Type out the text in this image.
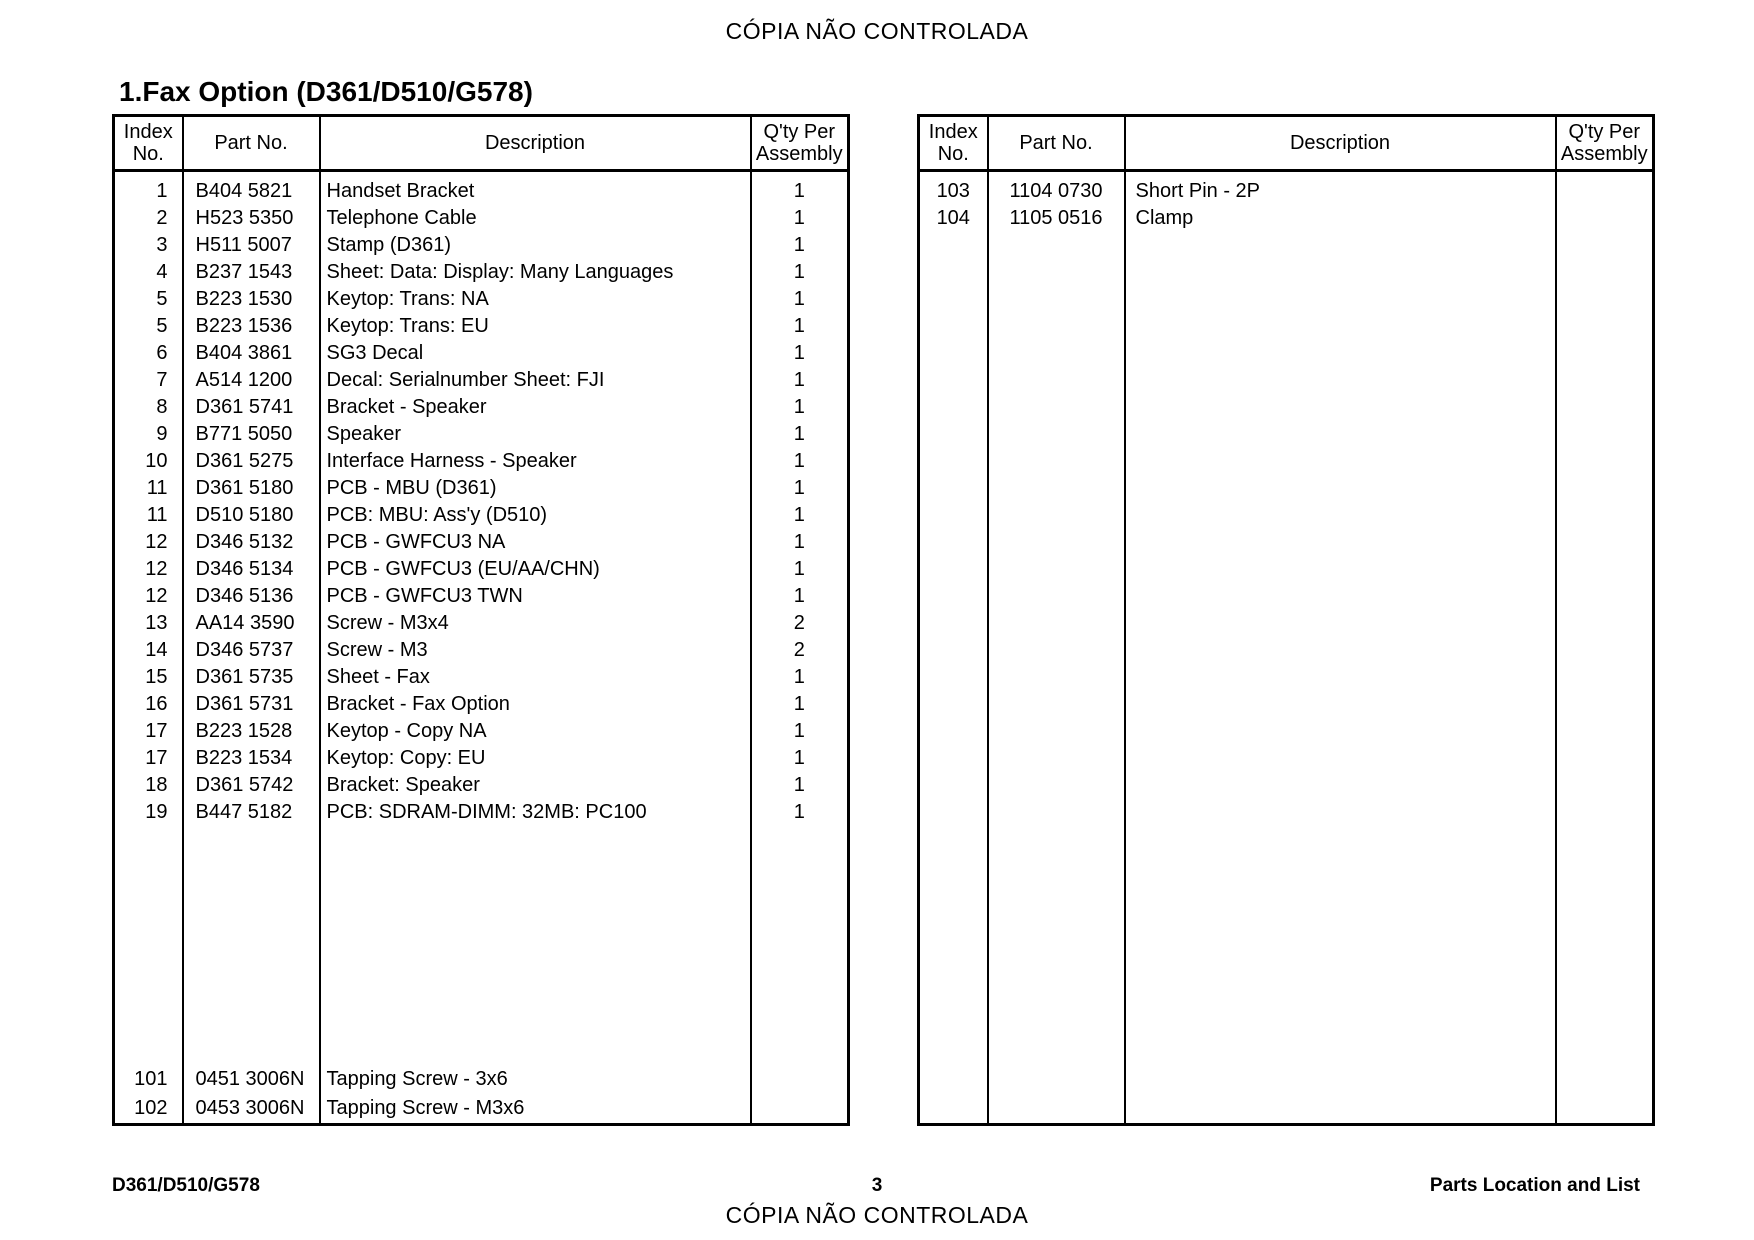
CÓPIA NÃO CONTROLADA
1.Fax Option (D361/D510/G578)
Index
No.	Part No.	Description	Q'ty Per
Assembly
1	B404 5821	Handset Bracket	1
2	H523 5350	Telephone Cable	1
3	H511 5007	Stamp (D361)	1
4	B237 1543	Sheet: Data: Display: Many Languages	1
5	B223 1530	Keytop: Trans: NA	1
5	B223 1536	Keytop: Trans: EU	1
6	B404 3861	SG3 Decal	1
7	A514 1200	Decal: Serialnumber Sheet: FJI	1
8	D361 5741	Bracket - Speaker	1
9	B771 5050	Speaker	1
10	D361 5275	Interface Harness - Speaker	1
11	D361 5180	PCB - MBU (D361)	1
11	D510 5180	PCB: MBU: Ass'y (D510)	1
12	D346 5132	PCB - GWFCU3 NA	1
12	D346 5134	PCB - GWFCU3 (EU/AA/CHN)	1
12	D346 5136	PCB - GWFCU3 TWN	1
13	AA14 3590	Screw - M3x4	2
14	D346 5737	Screw - M3	2
15	D361 5735	Sheet - Fax	1
16	D361 5731	Bracket - Fax Option	1
17	B223 1528	Keytop - Copy NA	1
17	B223 1534	Keytop: Copy: EU	1
18	D361 5742	Bracket: Speaker	1
19	B447 5182	PCB: SDRAM-DIMM: 32MB: PC100	1

101	0451 3006N	Tapping Screw - 3x6	
102	0453 3006N	Tapping Screw - M3x6	
Index
No.	Part No.	Description	Q'ty Per
Assembly
103	1104 0730	Short Pin - 2P	
104	1105 0516	Clamp	

D361/D510/G578	3	Parts Location and List
CÓPIA NÃO CONTROLADA
